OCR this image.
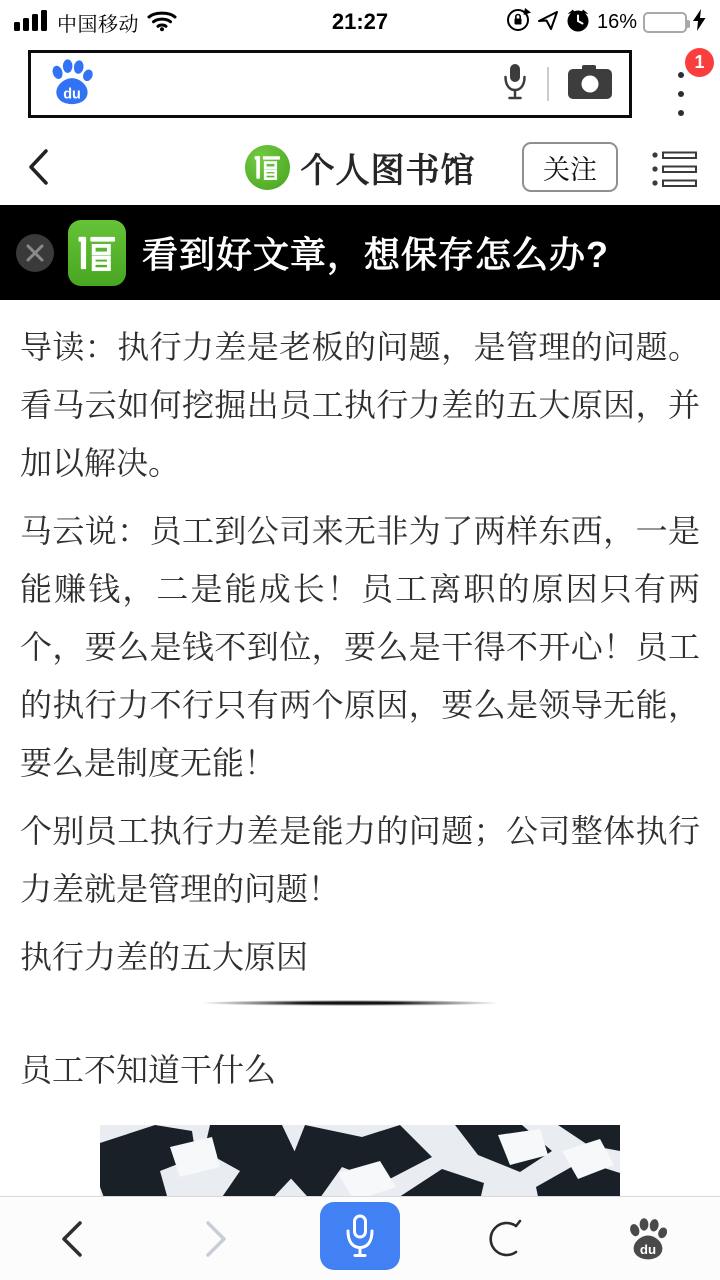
中国移动	21:27	16%
du
1
个人图书馆	关注
看到好文章，想保存怎么办?

导读：执行力差是老板的问题，是管理的问题。看马云如何挖掘出员工执行力差的五大原因，并加以解决。

马云说：员工到公司来无非为了两样东西，一是能赚钱，二是能成长！员工离职的原因只有两个，要么是钱不到位，要么是干得不开心！员工的执行力不行只有两个原因，要么是领导无能，要么是制度无能！

个别员工执行力差是能力的问题；公司整体执行力差就是管理的问题！

执行力差的五大原因

员工不知道干什么
du
